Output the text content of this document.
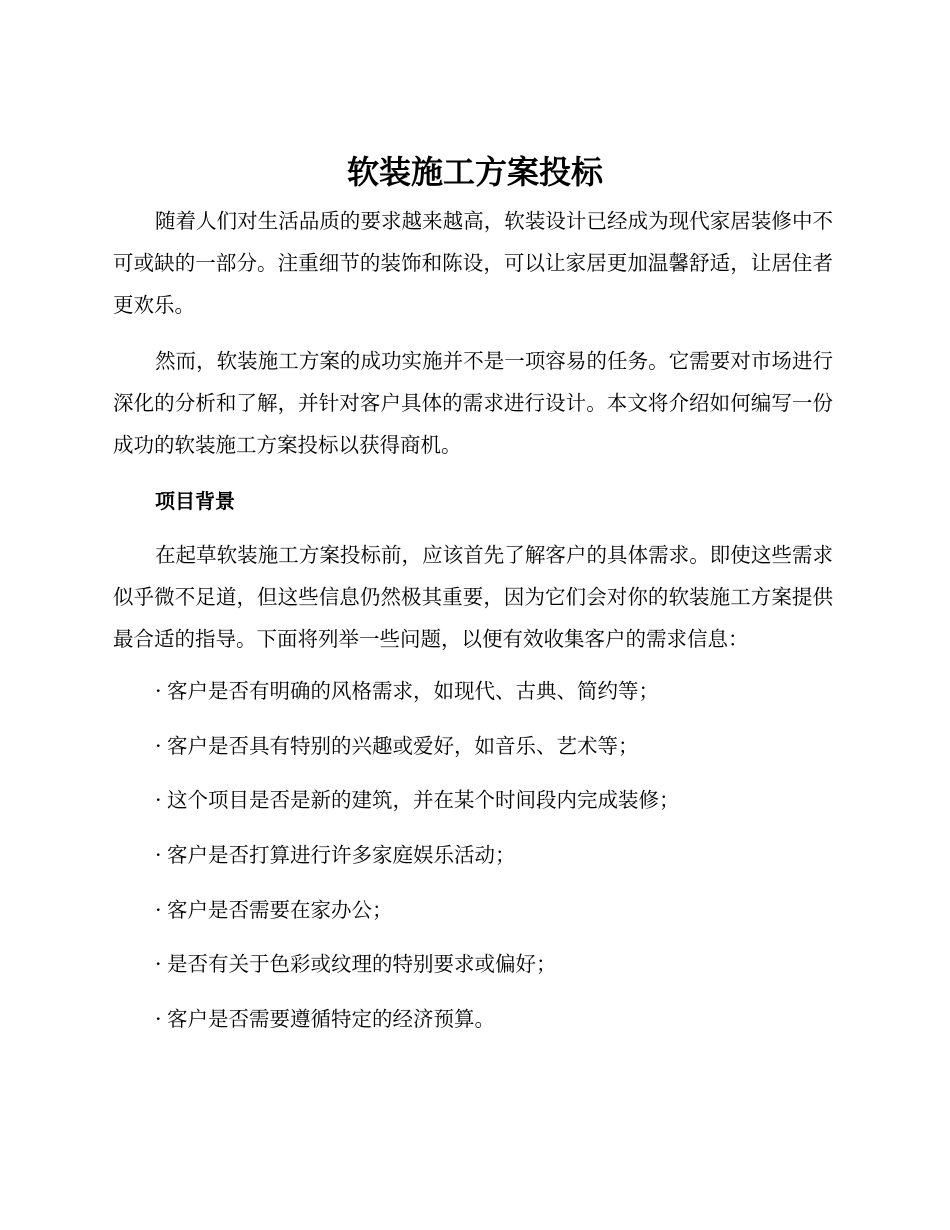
软装施工方案投标

随着人们对生活品质的要求越来越高，软装设计已经成为现代家居装修中不可或缺的一部分。注重细节的装饰和陈设，可以让家居更加温馨舒适，让居住者更欢乐。

然而，软装施工方案的成功实施并不是一项容易的任务。它需要对市场进行深化的分析和了解，并针对客户具体的需求进行设计。本文将介绍如何编写一份成功的软装施工方案投标以获得商机。

项目背景

在起草软装施工方案投标前，应该首先了解客户的具体需求。即使这些需求似乎微不足道，但这些信息仍然极其重要，因为它们会对你的软装施工方案提供最合适的指导。下面将列举一些问题，以便有效收集客户的需求信息：

· 客户是否有明确的风格需求，如现代、古典、简约等；
· 客户是否具有特别的兴趣或爱好，如音乐、艺术等；
· 这个项目是否是新的建筑，并在某个时间段内完成装修；
· 客户是否打算进行许多家庭娱乐活动；
· 客户是否需要在家办公；
· 是否有关于色彩或纹理的特别要求或偏好；
· 客户是否需要遵循特定的经济预算。
